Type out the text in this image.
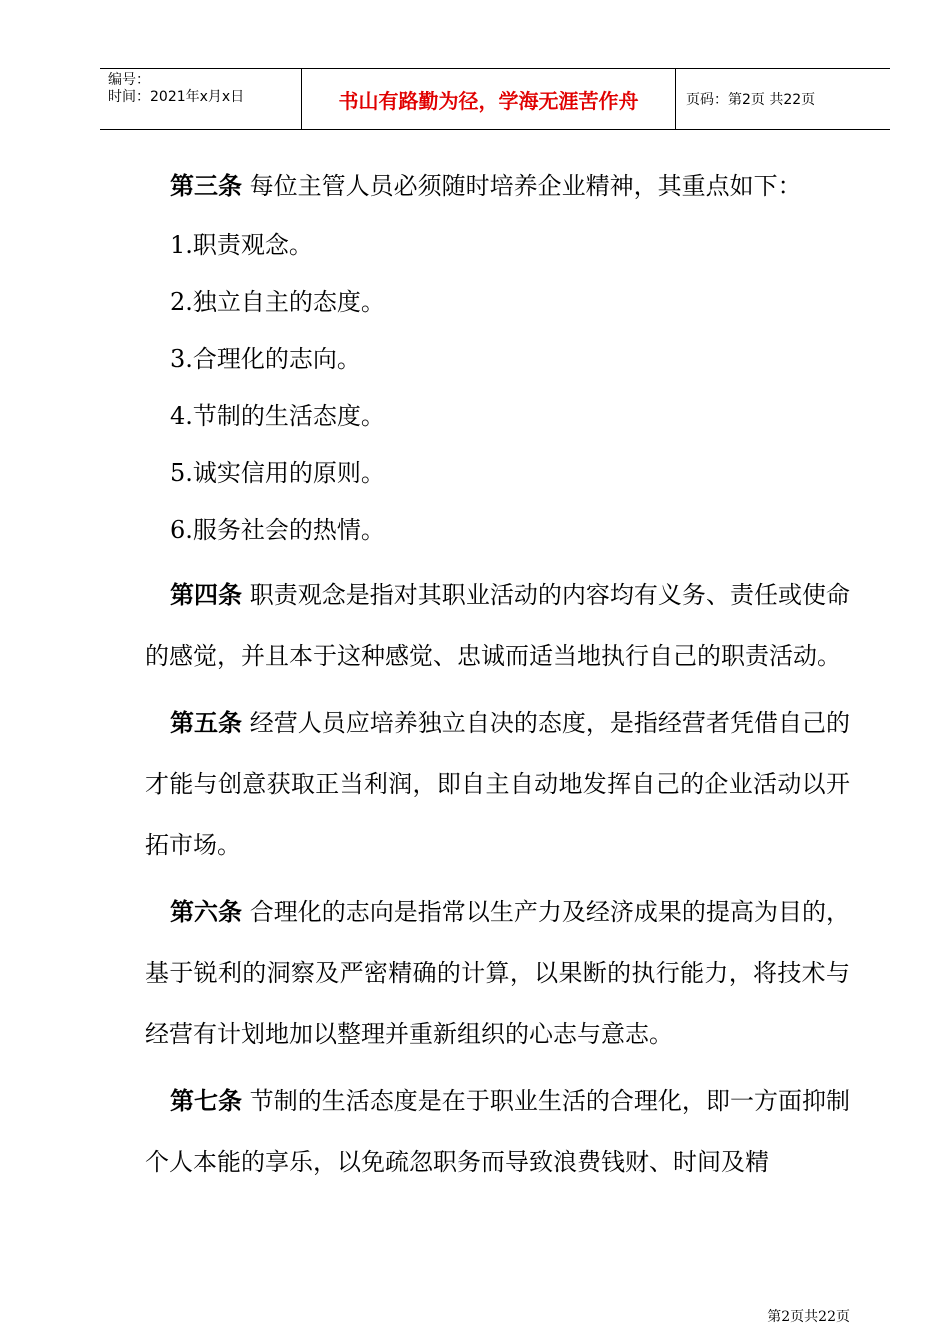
编号：
时间：2021年x月x日	书山有路勤为径，学海无涯苦作舟	页码：第2页 共22页

第三条 每位主管人员必须随时培养企业精神，其重点如下：

1.职责观念。

2.独立自主的态度。

3.合理化的志向。

4.节制的生活态度。

5.诚实信用的原则。

6.服务社会的热情。

第四条 职责观念是指对其职业活动的内容均有义务、责任或使命的感觉，并且本于这种感觉、忠诚而适当地执行自己的职责活动。

第五条 经营人员应培养独立自决的态度，是指经营者凭借自己的才能与创意获取正当利润，即自主自动地发挥自己的企业活动以开拓市场。

第六条 合理化的志向是指常以生产力及经济成果的提高为目的，基于锐利的洞察及严密精确的计算，以果断的执行能力，将技术与经营有计划地加以整理并重新组织的心志与意志。

第七条 节制的生活态度是在于职业生活的合理化，即一方面抑制个人本能的享乐，以免疏忽职务而导致浪费钱财、时间及精

第2页共22页
